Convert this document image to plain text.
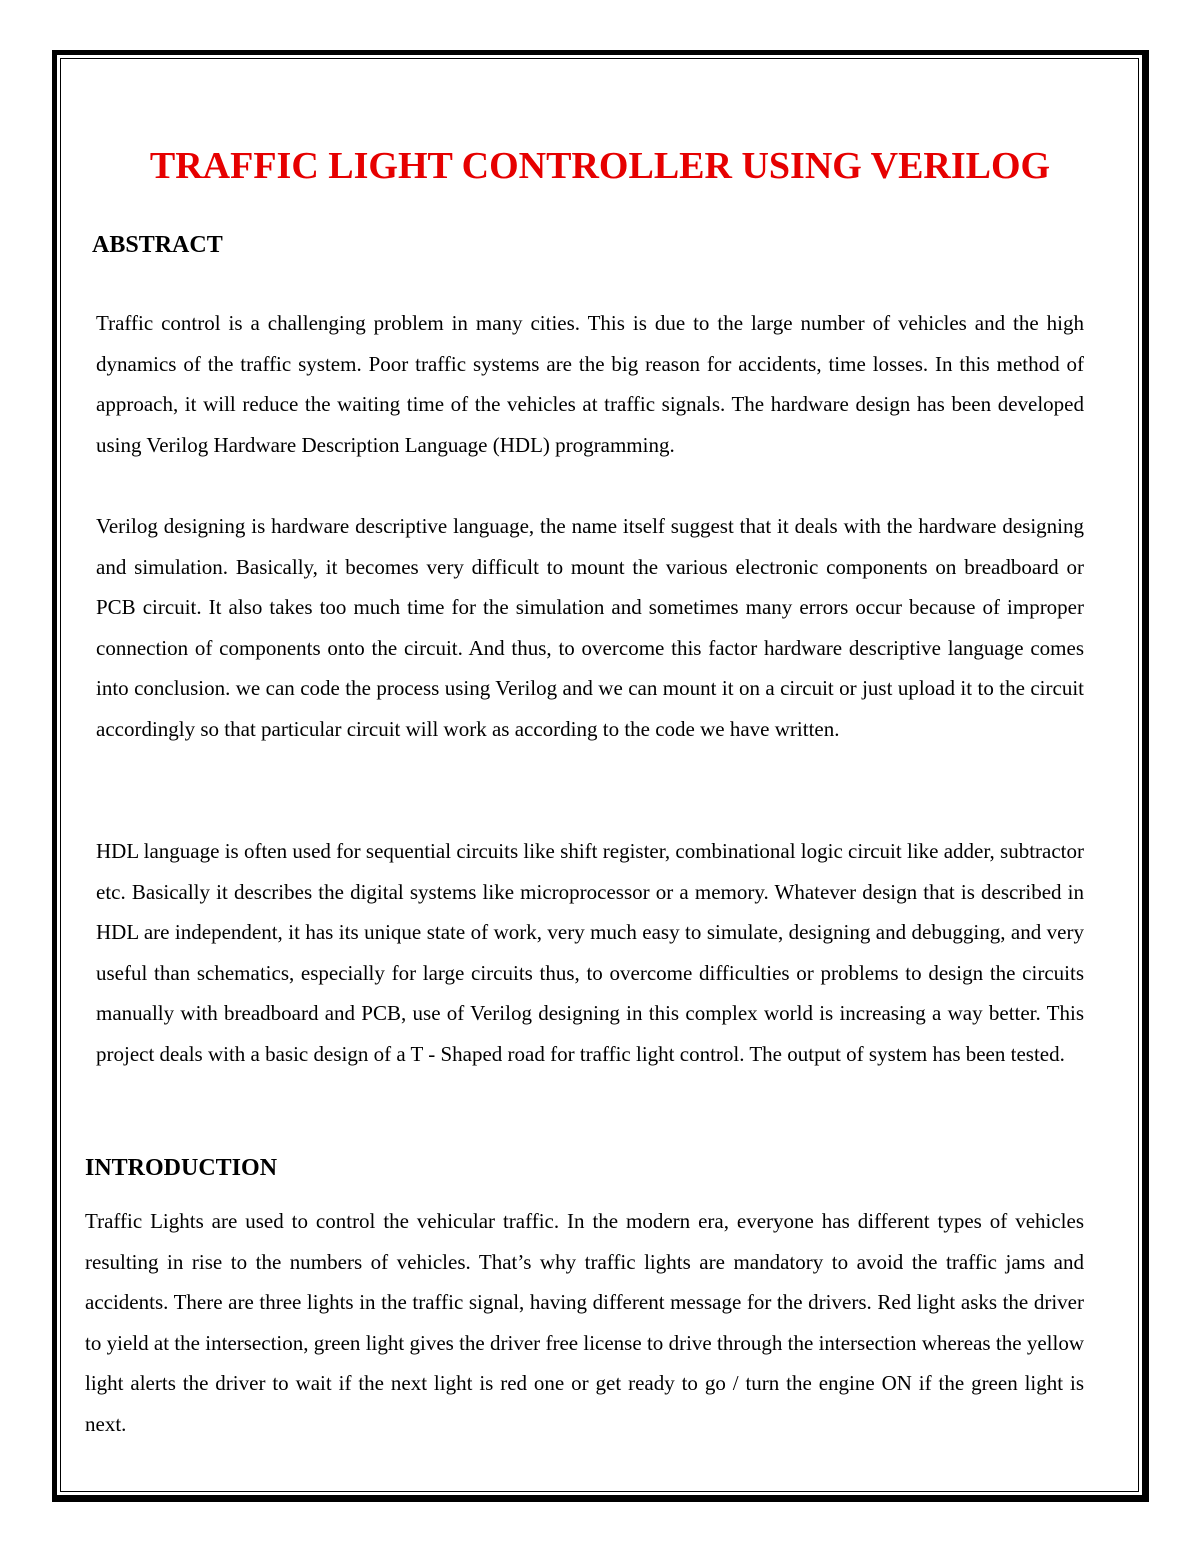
TRAFFIC LIGHT CONTROLLER USING VERILOG
ABSTRACT

Traffic control is a challenging problem in many cities. This is due to the large number of vehicles and the high dynamics of the traffic system. Poor traffic systems are the big reason for accidents, time losses. In this method of approach, it will reduce the waiting time of the vehicles at traffic signals. The hardware design has been developed using Verilog Hardware Description Language (HDL) programming.

Verilog designing is hardware descriptive language, the name itself suggest that it deals with the hardware designing and simulation. Basically, it becomes very difficult to mount the various electronic components on breadboard or PCB circuit. It also takes too much time for the simulation and sometimes many errors occur because of improper connection of components onto the circuit. And thus, to overcome this factor hardware descriptive language comes into conclusion. we can code the process using Verilog and we can mount it on a circuit or just upload it to the circuit accordingly so that particular circuit will work as according to the code we have written.

HDL language is often used for sequential circuits like shift register, combinational logic circuit like adder, subtractor etc. Basically it describes the digital systems like microprocessor or a memory. Whatever design that is described in HDL are independent, it has its unique state of work, very much easy to simulate, designing and debugging, and very useful than schematics, especially for large circuits thus, to overcome difficulties or problems to design the circuits manually with breadboard and PCB, use of Verilog designing in this complex world is increasing a way better. This project deals with a basic design of a T - Shaped road for traffic light control. The output of system has been tested.

INTRODUCTION

Traffic Lights are used to control the vehicular traffic. In the modern era, everyone has different types of vehicles resulting in rise to the numbers of vehicles. That’s why traffic lights are mandatory to avoid the traffic jams and accidents. There are three lights in the traffic signal, having different message for the drivers. Red light asks the driver to yield at the intersection, green light gives the driver free license to drive through the intersection whereas the yellow light alerts the driver to wait if the next light is red one or get ready to go / turn the engine ON if the green light is next.
